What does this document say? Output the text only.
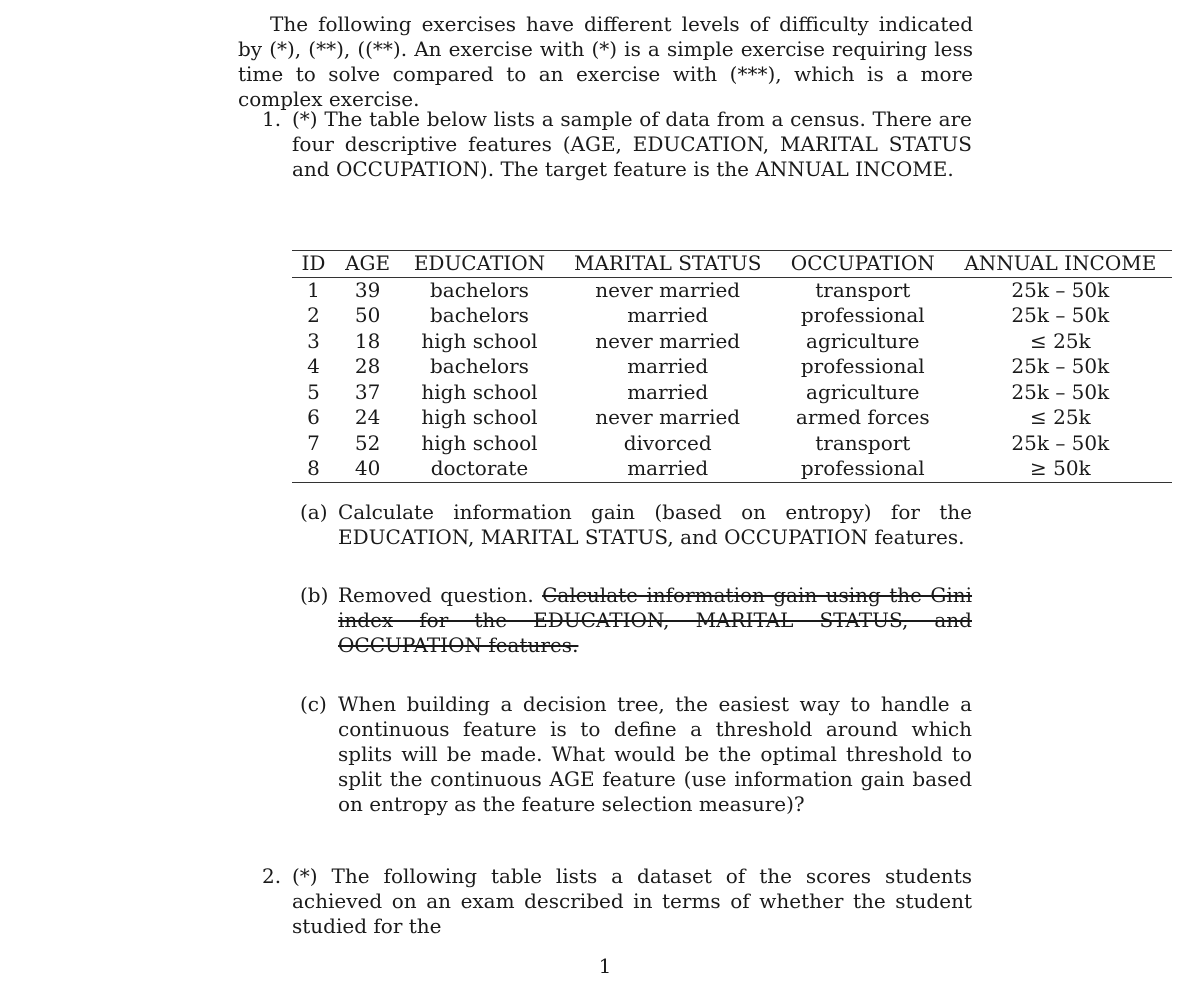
The following exercises have different levels of difficulty indicated by (*), (**), ((**). An exercise with (*) is a simple exercise requiring less time to solve compared to an exercise with (***), which is a more complex exercise.
1. (*) The table below lists a sample of data from a census. There are four descriptive features (AGE, EDUCATION, MARITAL STATUS and OCCUPATION). The target feature is the ANNUAL INCOME.
ID	AGE	EDUCATION	MARITAL STATUS	OCCUPATION	ANNUAL INCOME
1	39	bachelors	never married	transport	25k – 50k
2	50	bachelors	married	professional	25k – 50k
3	18	high school	never married	agriculture	≤ 25k
4	28	bachelors	married	professional	25k – 50k
5	37	high school	married	agriculture	25k – 50k
6	24	high school	never married	armed forces	≤ 25k
7	52	high school	divorced	transport	25k – 50k
8	40	doctorate	married	professional	≥ 50k
(a) Calculate information gain (based on entropy) for the EDUCATION, MARITAL STATUS, and OCCUPATION features.
(b) Removed question. Calculate information gain using the Gini index for the EDUCATION, MARITAL STATUS, and OCCUPATION features.
(c) When building a decision tree, the easiest way to handle a continuous feature is to define a threshold around which splits will be made. What would be the optimal threshold to split the continuous AGE feature (use information gain based on entropy as the feature selection measure)?
2. (*) The following table lists a dataset of the scores students achieved on an exam described in terms of whether the student studied for the
1
